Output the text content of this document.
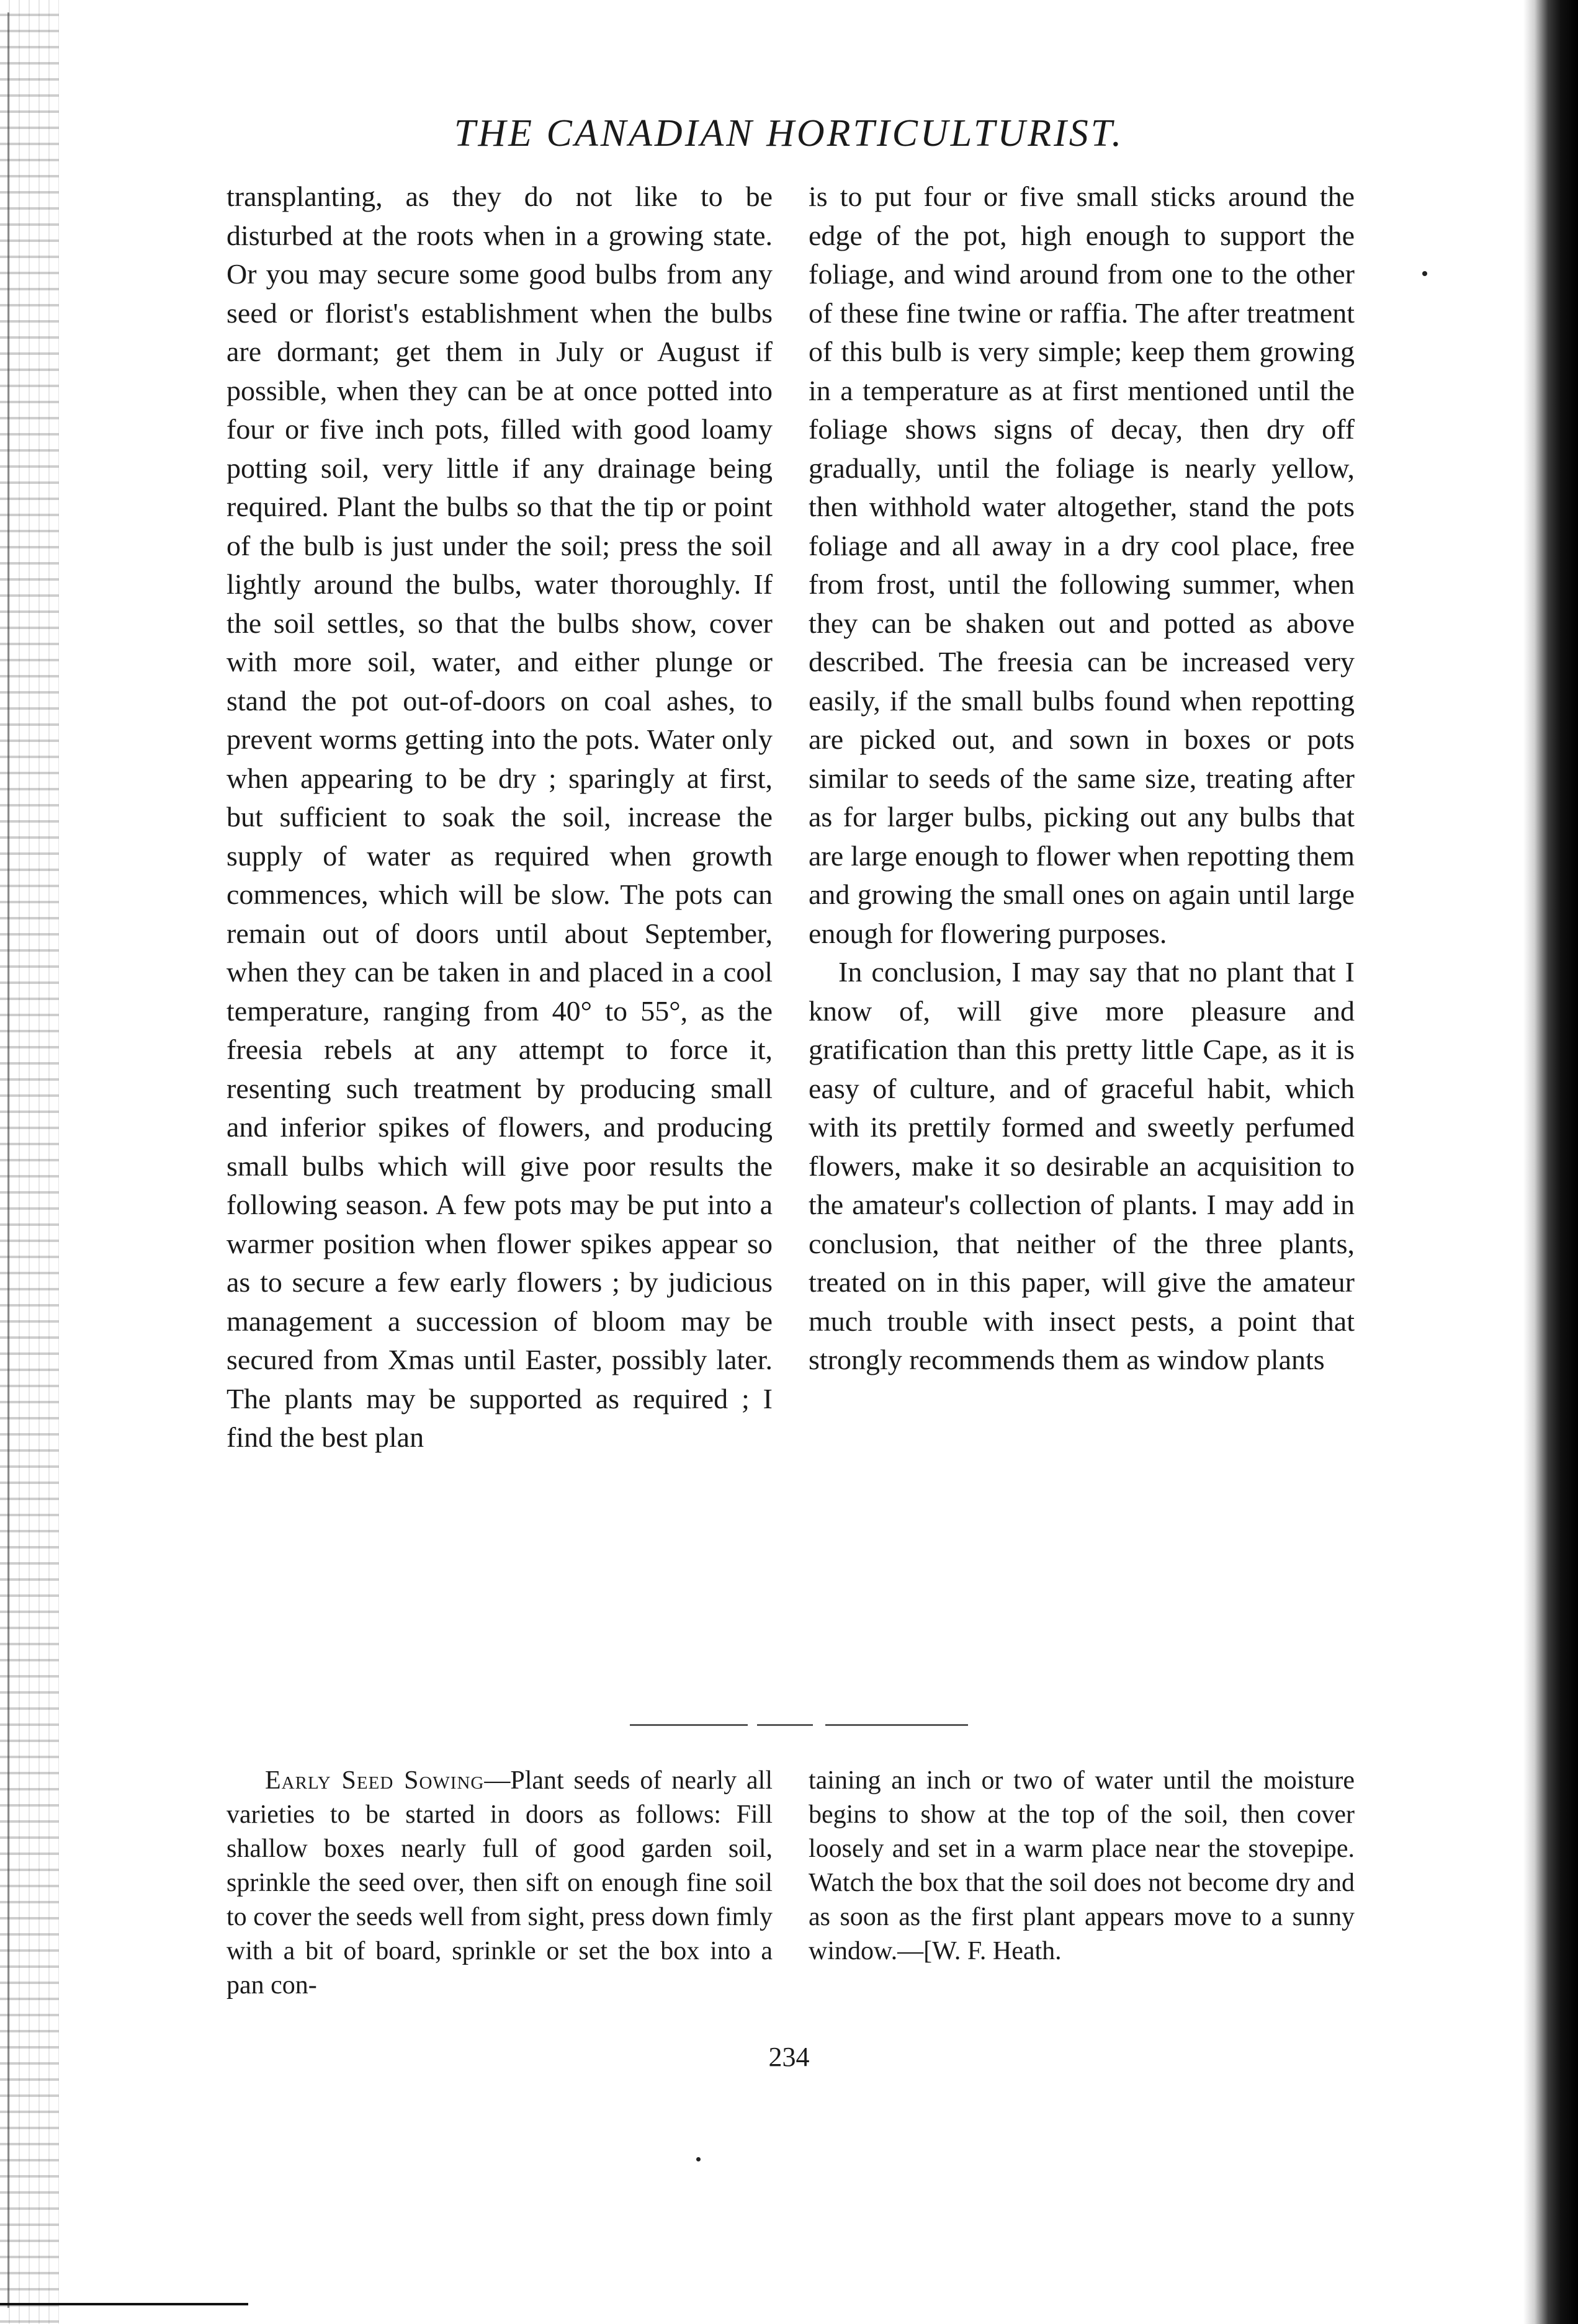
THE CANADIAN HORTICULTURIST.

transplanting, as they do not like to be disturbed at the roots when in a growing state. Or you may secure some good bulbs from any seed or florist's establishment when the bulbs are dormant; get them in July or August if possible, when they can be at once potted into four or five inch pots, filled with good loamy potting soil, very little if any drainage being required. Plant the bulbs so that the tip or point of the bulb is just under the soil; press the soil lightly around the bulbs, water thoroughly. If the soil settles, so that the bulbs show, cover with more soil, water, and either plunge or stand the pot out-of-doors on coal ashes, to prevent worms getting into the pots. Water only when appearing to be dry ; sparingly at first, but sufficient to soak the soil, increase the supply of water as required when growth commences, which will be slow. The pots can remain out of doors until about September, when they can be taken in and placed in a cool temperature, ranging from 40° to 55°, as the freesia rebels at any attempt to force it, resenting such treatment by producing small and inferior spikes of flowers, and producing small bulbs which will give poor results the following season. A few pots may be put into a warmer position when flower spikes appear so as to secure a few early flowers ; by judicious management a succession of bloom may be secured from Xmas until Easter, possibly later. The plants may be supported as required ; I find the best plan

is to put four or five small sticks around the edge of the pot, high enough to support the foliage, and wind around from one to the other of these fine twine or raffia. The after treatment of this bulb is very simple; keep them growing in a temperature as at first mentioned until the foliage shows signs of decay, then dry off gradually, until the foliage is nearly yellow, then withhold water altogether, stand the pots foliage and all away in a dry cool place, free from frost, until the following summer, when they can be shaken out and potted as above described. The freesia can be increased very easily, if the small bulbs found when repotting are picked out, and sown in boxes or pots similar to seeds of the same size, treating after as for larger bulbs, picking out any bulbs that are large enough to flower when repotting them and growing the small ones on again until large enough for flowering purposes.

In conclusion, I may say that no plant that I know of, will give more pleasure and gratification than this pretty little Cape, as it is easy of culture, and of graceful habit, which with its prettily formed and sweetly perfumed flowers, make it so desirable an acquisition to the amateur's collection of plants. I may add in conclusion, that neither of the three plants, treated on in this paper, will give the amateur much trouble with insect pests, a point that strongly recommends them as window plants

Early Seed Sowing—Plant seeds of nearly all varieties to be started in doors as follows: Fill shallow boxes nearly full of good garden soil, sprinkle the seed over, then sift on enough fine soil to cover the seeds well from sight, press down fimly with a bit of board, sprinkle or set the box into a pan con-

taining an inch or two of water until the moisture begins to show at the top of the soil, then cover loosely and set in a warm place near the stovepipe. Watch the box that the soil does not become dry and as soon as the first plant appears move to a sunny window.—[W. F. Heath.

234
